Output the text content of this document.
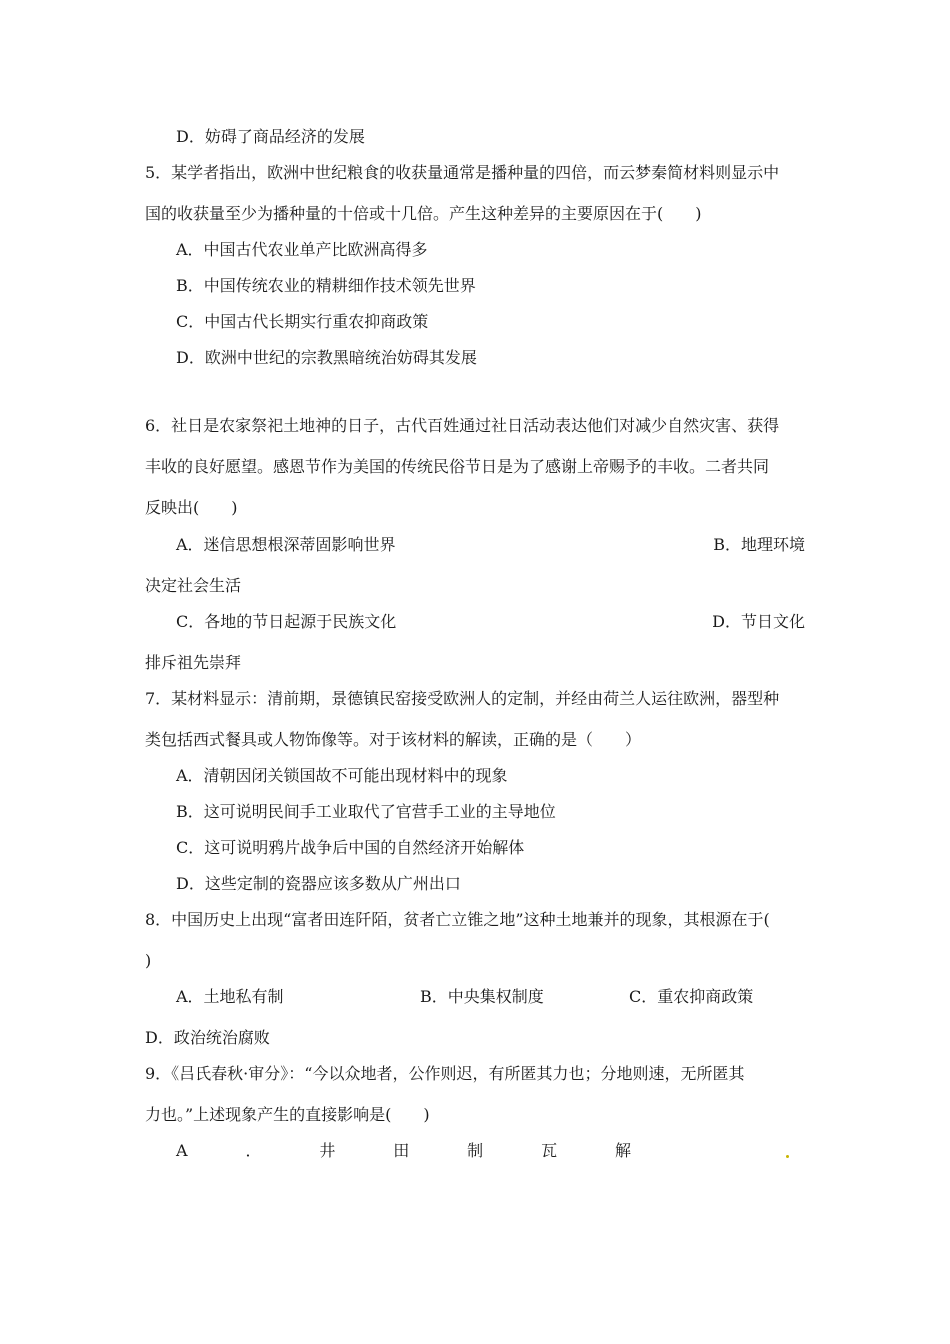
D．妨碍了商品经济的发展
5．某学者指出，欧洲中世纪粮食的收获量通常是播种量的四倍，而云梦秦简材料则显示中
国的收获量至少为播种量的十倍或十几倍。产生这种差异的主要原因在于(　　)
A．中国古代农业单产比欧洲高得多
B．中国传统农业的精耕细作技术领先世界
C．中国古代长期实行重农抑商政策
D．欧洲中世纪的宗教黑暗统治妨碍其发展
6．社日是农家祭祀土地神的日子，古代百姓通过社日活动表达他们对减少自然灾害、获得
丰收的良好愿望。感恩节作为美国的传统民俗节日是为了感谢上帝赐予的丰收。二者共同
反映出(　　)
A．迷信思想根深蒂固影响世界	B．地理环境
决定社会生活
C．各地的节日起源于民族文化	D．节日文化
排斥祖先崇拜
7．某材料显示：清前期，景德镇民窑接受欧洲人的定制，并经由荷兰人运往欧洲，器型种
类包括西式餐具或人物饰像等。对于该材料的解读，正确的是（　　）
A．清朝因闭关锁国故不可能出现材料中的现象
B．这可说明民间手工业取代了官营手工业的主导地位
C．这可说明鸦片战争后中国的自然经济开始解体
D．这些定制的瓷器应该多数从广州出口
8．中国历史上出现“富者田连阡陌，贫者亡立锥之地”这种土地兼并的现象，其根源在于(
)
A．土地私有制	B．中央集权制度	C．重农抑商政策
D．政治统治腐败
9．《吕氏春秋·审分》：“今以众地者，公作则迟，有所匿其力也；分地则速，无所匿其
力也。”上述现象产生的直接影响是(　　)
A	．	井	田	制	瓦	解
